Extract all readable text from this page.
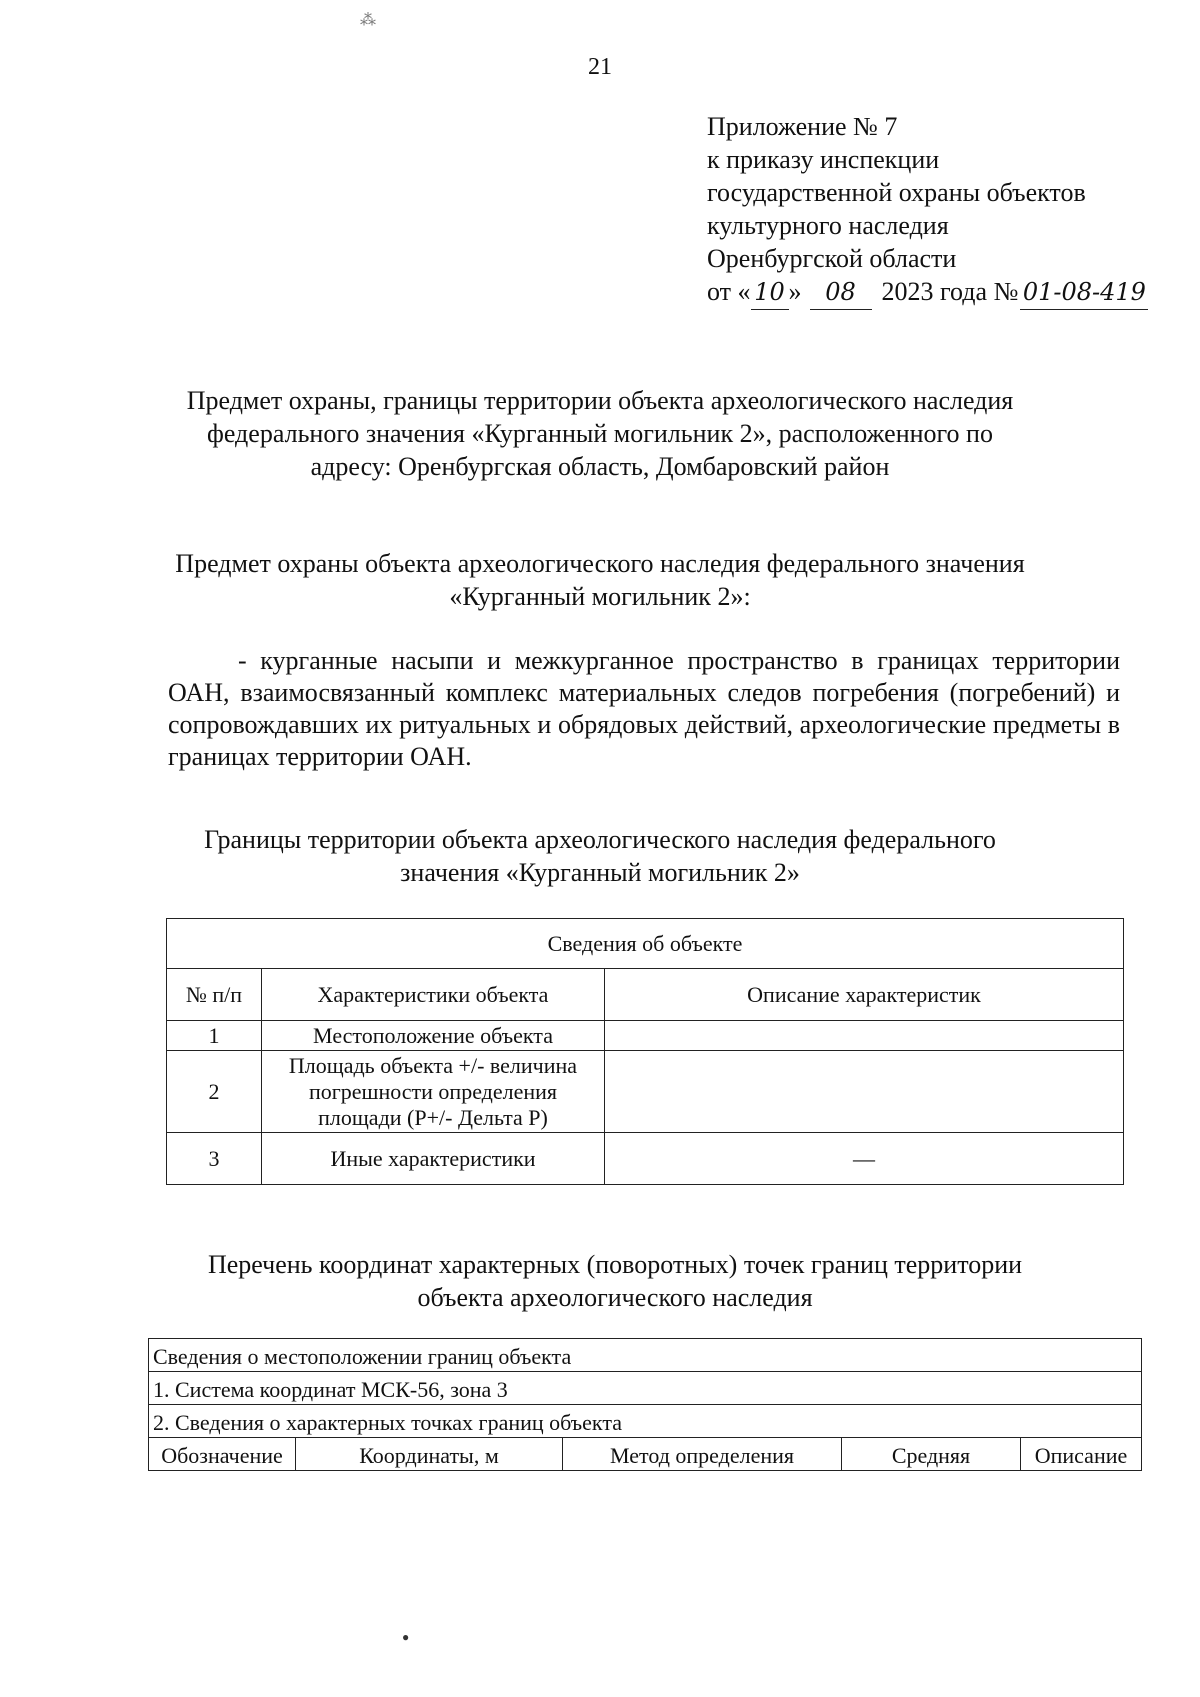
⁂
21
Приложение № 7
к приказу инспекции
государственной охраны объектов
культурного наследия
Оренбургской области
от « 10 » 08 2023 года № 01-08-419
Предмет охраны, границы территории объекта археологического наследия
федерального значения «Курганный могильник 2», расположенного по
адресу: Оренбургская область, Домбаровский район
Предмет охраны объекта археологического наследия федерального значения
«Курганный могильник 2»:
- курганные насыпи и межкурганное пространство в границах территории ОАН, взаимосвязанный комплекс материальных следов погребения (погребений) и сопровождавших их ритуальных и обрядовых действий, археологические предметы в границах территории ОАН.
Границы территории объекта археологического наследия федерального
значения «Курганный могильник 2»
Сведения об объекте		
№ п/п	Характеристики объекта	Описание характеристик
1	Местоположение объекта	
2	Площадь объекта +/- величина погрешности определения площади (Р+/- Дельта Р)	
3	Иные характеристики	—
Перечень координат характерных (поворотных) точек границ территории
объекта археологического наследия
Сведения о местоположении границ объекта
1. Система координат МСК-56, зона 3
2. Сведения о характерных точках границ объекта
Обозначение	Координаты, м	Метод определения	Средняя	Описание
●
